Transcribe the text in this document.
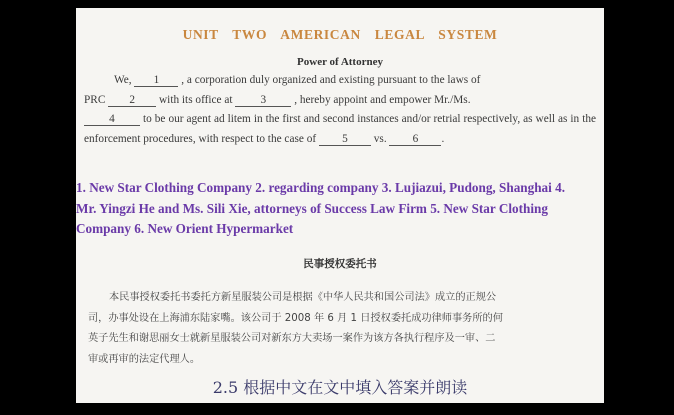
UNIT TWO AMERICAN LEGAL SYSTEM
Power of Attorney
We, 1 , a corporation duly organized and existing pursuant to the laws of
PRC 2 with its office at 3 , hereby appoint and empower Mr./Ms.
4 to be our agent ad litem in the first and second instances and/or retrial respectively, as well as in the enforcement procedures, with respect to the case of 5 vs. 6 .
1. New Star Clothing Company 2. regarding company 3. Lujiazui, Pudong, Shanghai 4. Mr. Yingzi He and Ms. Sili Xie, attorneys of Success Law Firm 5. New Star Clothing Company 6. New Orient Hypermarket
民事授权委托书
本民事授权委托书委托方新星服装公司是根据《中华人民共和国公司法》成立的正规公
司，办事处设在上海浦东陆家嘴。该公司于 2008 年 6 月 1 日授权委托成功律师事务所的何
英子先生和谢思丽女士就新星服装公司对新东方大卖场一案作为该方各执行程序及一审、二
审或再审的法定代理人。
2.5 根据中文在文中填入答案并朗读
